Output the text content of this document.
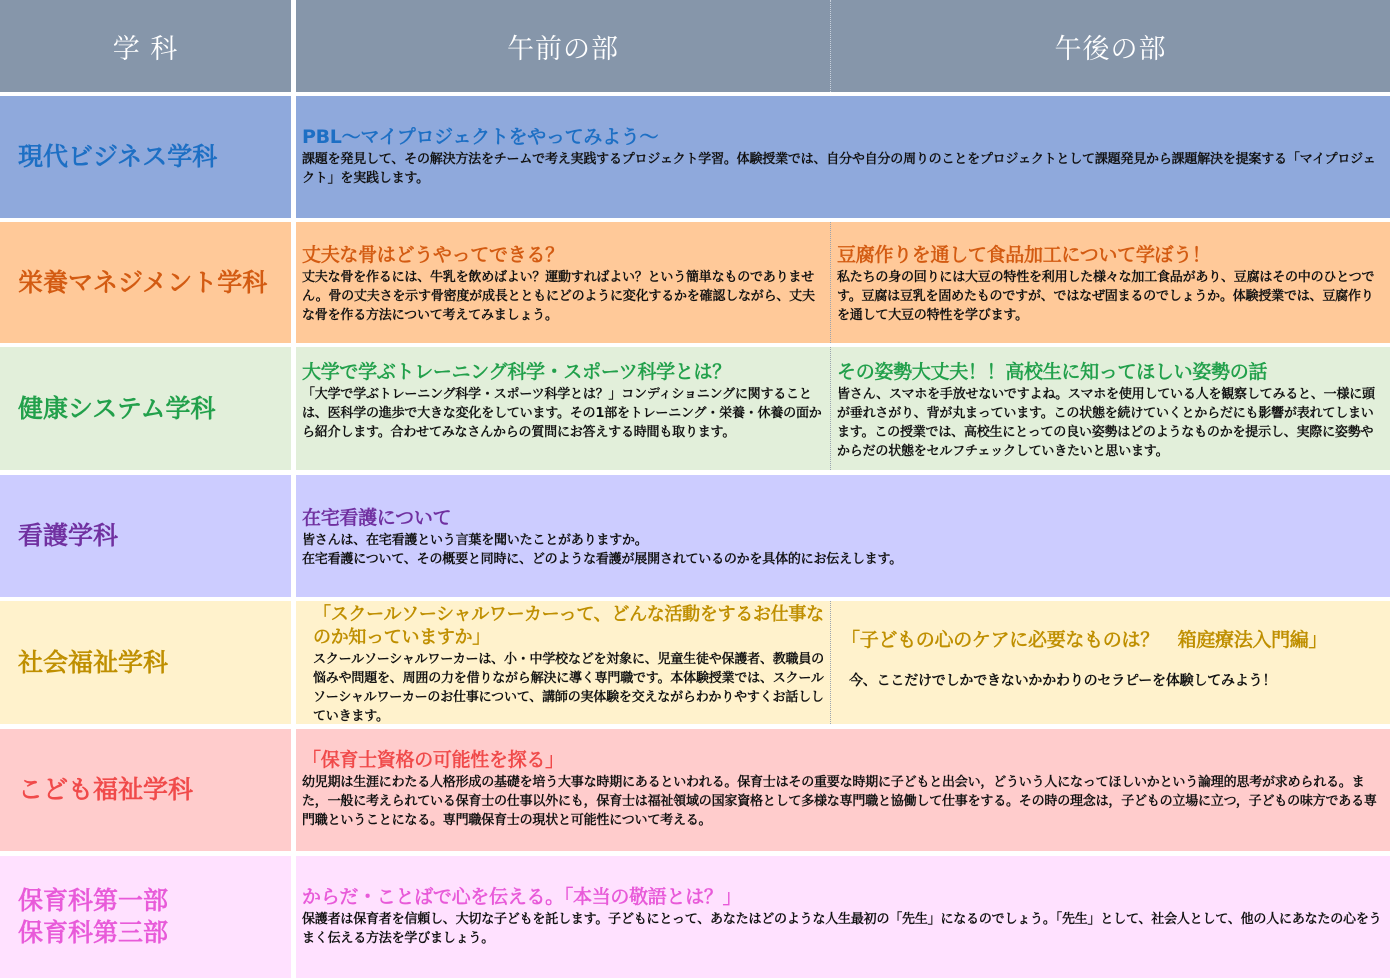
学 科	午前の部	午後の部
現代ビジネス学科
PBL～マイプロジェクトをやってみよう～
課題を発見して、その解決方法をチームで考え実践するプロジェクト学習。体験授業では、自分や自分の周りのことをプロジェクトとして課題発見から課題解決を提案する「マイプロジェクト」を実践します。
栄養マネジメント学科
丈夫な骨はどうやってできる？
丈夫な骨を作るには、牛乳を飲めばよい？運動すればよい？という簡単なものでありません。骨の丈夫さを示す骨密度が成長とともにどのように変化するかを確認しながら、丈夫な骨を作る方法について考えてみましょう。
豆腐作りを通して食品加工について学ぼう！
私たちの身の回りには大豆の特性を利用した様々な加工食品があり、豆腐はその中のひとつです。豆腐は豆乳を固めたものですが、ではなぜ固まるのでしょうか。体験授業では、豆腐作りを通して大豆の特性を学びます。
健康システム学科
大学で学ぶトレーニング科学・スポーツ科学とは？
「大学で学ぶトレーニング科学・スポーツ科学とは？」コンディショニングに関することは、医科学の進歩で大きな変化をしています。その1部をトレーニング・栄養・休養の面から紹介します。合わせてみなさんからの質問にお答えする時間も取ります。
その姿勢大丈夫！！高校生に知ってほしい姿勢の話
皆さん、スマホを手放せないですよね。スマホを使用している人を観察してみると、一様に頭が垂れさがり、背が丸まっています。この状態を続けていくとからだにも影響が表れてしまいます。この授業では、高校生にとっての良い姿勢はどのようなものかを提示し、実際に姿勢やからだの状態をセルフチェックしていきたいと思います。
看護学科
在宅看護について
皆さんは、在宅看護という言葉を聞いたことがありますか。
在宅看護について、その概要と同時に、どのような看護が展開されているのかを具体的にお伝えします。
社会福祉学科
「スクールソーシャルワーカーって、どんな活動をするお仕事なのか知っていますか」
スクールソーシャルワーカーは、小・中学校などを対象に、児童生徒や保護者、教職員の悩みや問題を、周囲の力を借りながら解決に導く専門職です。本体験授業では、スクールソーシャルワーカーのお仕事について、講師の実体験を交えながらわかりやすくお話ししていきます。
「子どもの心のケアに必要なものは？　箱庭療法入門編」
今、ここだけでしかできないかかわりのセラピーを体験してみよう！
こども福祉学科
「保育士資格の可能性を探る」
幼児期は生涯にわたる人格形成の基礎を培う大事な時期にあるといわれる。保育士はその重要な時期に子どもと出会い，どういう人になってほしいかという論理的思考が求められる。また，一般に考えられている保育士の仕事以外にも，保育士は福祉領域の国家資格として多様な専門職と協働して仕事をする。その時の理念は，子どもの立場に立つ，子どもの味方である専門職ということになる。専門職保育士の現状と可能性について考える。
保育科第一部
保育科第三部
からだ・ことばで心を伝える。「本当の敬語とは？」
保護者は保育者を信頼し、大切な子どもを託します。子どもにとって、あなたはどのような人生最初の「先生」になるのでしょう。「先生」として、社会人として、他の人にあなたの心をうまく伝える方法を学びましょう。
